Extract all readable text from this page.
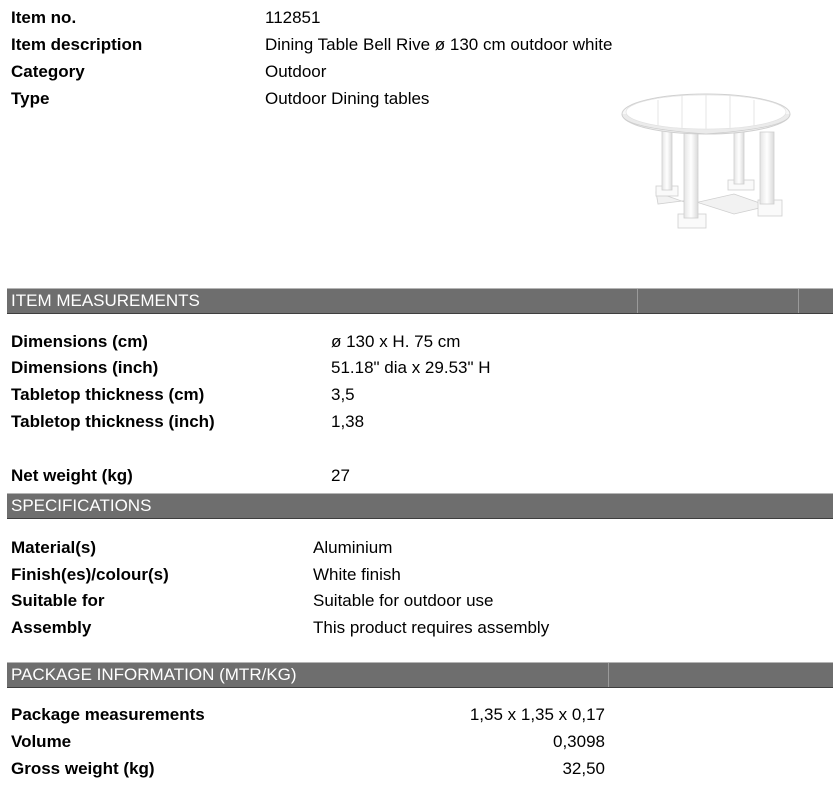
Item no.	112851
Item description	Dining Table Bell Rive ø 130 cm outdoor white
Category	Outdoor
Type	Outdoor Dining tables
ITEM MEASUREMENTS
Dimensions (cm)	ø 130 x H. 75 cm
Dimensions (inch)	51.18" dia x 29.53" H
Tabletop thickness (cm)	3,5
Tabletop thickness (inch)	1,38
Net weight (kg)	27
SPECIFICATIONS
Material(s)	Aluminium
Finish(es)/colour(s)	White finish
Suitable for	Suitable for outdoor use
Assembly	This product requires assembly
PACKAGE INFORMATION (MTR/KG)
Package measurements	1,35 x 1,35 x 0,17
Volume	0,3098
Gross weight (kg)	32,50
